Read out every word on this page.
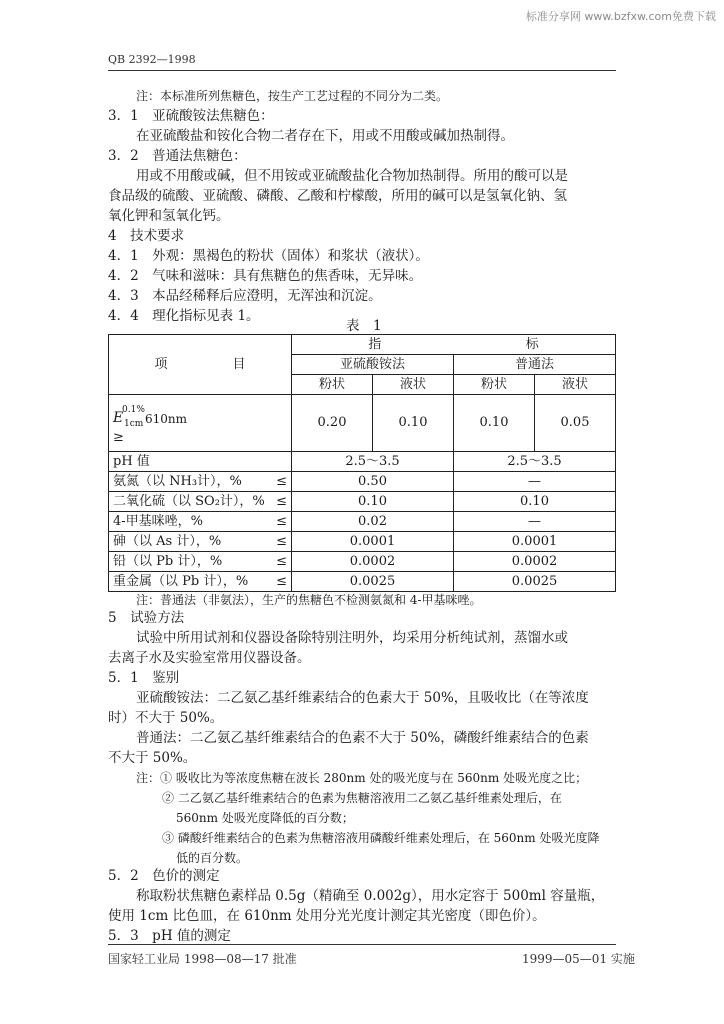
标准分享网 www.bzfxw.com免费下载
QB 2392—1998
注：本标准所列焦糖色，按生产工艺过程的不同分为二类。
3．1　亚硫酸铵法焦糖色：
在亚硫酸盐和铵化合物二者存在下，用或不用酸或碱加热制得。
3．2　普通法焦糖色：
用或不用酸或碱，但不用铵或亚硫酸盐化合物加热制得。所用的酸可以是
食品级的硫酸、亚硫酸、磷酸、乙酸和柠檬酸，所用的碱可以是氢氧化钠、氢
氧化钾和氢氧化钙。
4　技术要求
4．1　外观：黑褐色的粉状（固体）和浆状（液状）。
4．2　气味和滋味：具有焦糖色的焦香味，无异味。
4．3　本品经稀释后应澄明，无浑浊和沉淀。
4．4　理化指标见表 1。
表　1
项　　　　　目	指 标			

	亚硫酸铵法		普通法	
	粉状	液状	粉状	液状

E
0.1%
1cm 610nm
≥	0.20	0.10	0.10	0.05
pH 值	2.5～3.5		2.5～3.5	

氨氮（以 NH₃计），% ≤	0.50		—	

二氧化硫（以 SO₂计），% ≤	0.10		0.10	

4-甲基咪唑，% ≤	0.02		—	

砷（以 As 计），% ≤	0.0001		0.0001	

铅（以 Pb 计），% ≤	0.0002		0.0002	

重金属（以 Pb 计），% ≤	0.0025		0.0025	
注：普通法（非氨法），生产的焦糖色不检测氨氮和 4-甲基咪唑。
5　试验方法
试验中所用试剂和仪器设备除特别注明外，均采用分析纯试剂，蒸馏水或
去离子水及实验室常用仪器设备。
5．1　鉴别
亚硫酸铵法：二乙氨乙基纤维素结合的色素大于 50%，且吸收比（在等浓度
时）不大于 50%。
普通法：二乙氨乙基纤维素结合的色素不大于 50%，磷酸纤维素结合的色素
不大于 50%。
注：① 吸收比为等浓度焦糖在波长 280nm 处的吸光度与在 560nm 处吸光度之比；
② 二乙氨乙基纤维素结合的色素为焦糖溶液用二乙氨乙基纤维素处理后，在
560nm 处吸光度降低的百分数；
③ 磷酸纤维素结合的色素为焦糖溶液用磷酸纤维素处理后，在 560nm 处吸光度降
低的百分数。
5．2　色价的测定
称取粉状焦糖色素样品 0.5g（精确至 0.002g），用水定容于 500ml 容量瓶，
使用 1cm 比色皿，在 610nm 处用分光光度计测定其光密度（即色价）。
5．3　pH 值的测定
国家轻工业局 1998—08—17 批准	1999—05—01 实施
